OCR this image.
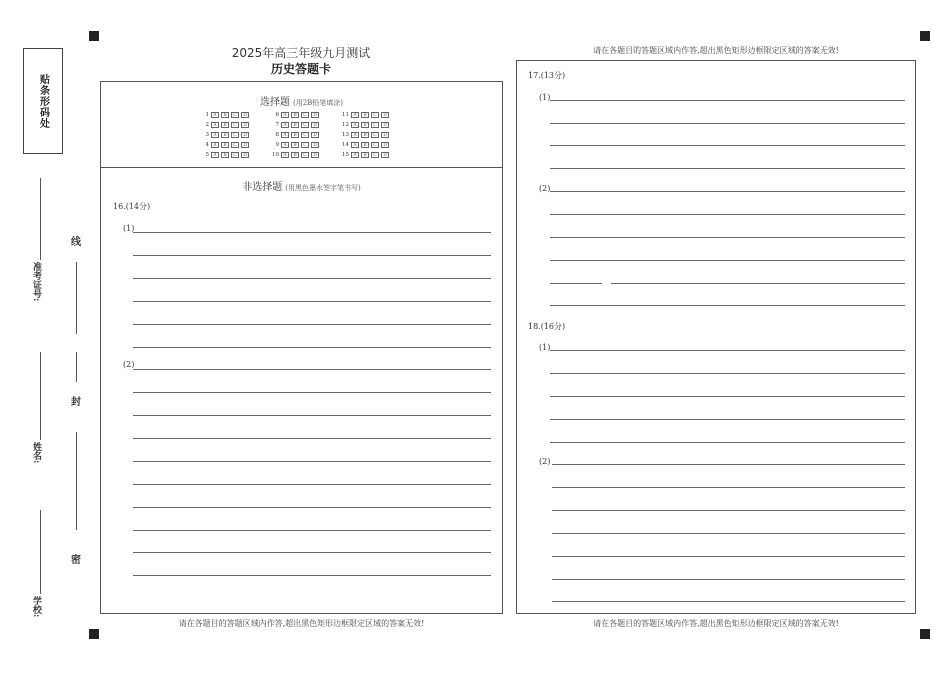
贴条形码处
准考证号:
姓名:
学校:
线
封
密
2025年高三年级九月测试
历史答题卡
请在各题目的答题区域内作答,超出黑色矩形边框限定区域的答案无效!
选择题 (用2B铅笔填涂)
1 A	B	C	D	6 A	B	C	D	11 A	B	C	D
2 A	B	C	D	7 A	B	C	D	12 A	B	C	D
3 A	B	C	D	8 A	B	C	D	13 A	B	C	D
4 A	B	C	D	9 A	B	C	D	14 A	B	C	D
5 A	B	C	D	10 A	B	C	D	15 A	B	C	D
非选择题 (用黑色墨水签字笔书写)
16.(14分)
(1)
(2)
请在各题目的答题区域内作答,超出黑色矩形边框限定区域的答案无效!
17.(13分)
(1)
(2)
18.(16分)
(1)
(2)
请在各题目的答题区域内作答,超出黑色矩形边框限定区域的答案无效!
